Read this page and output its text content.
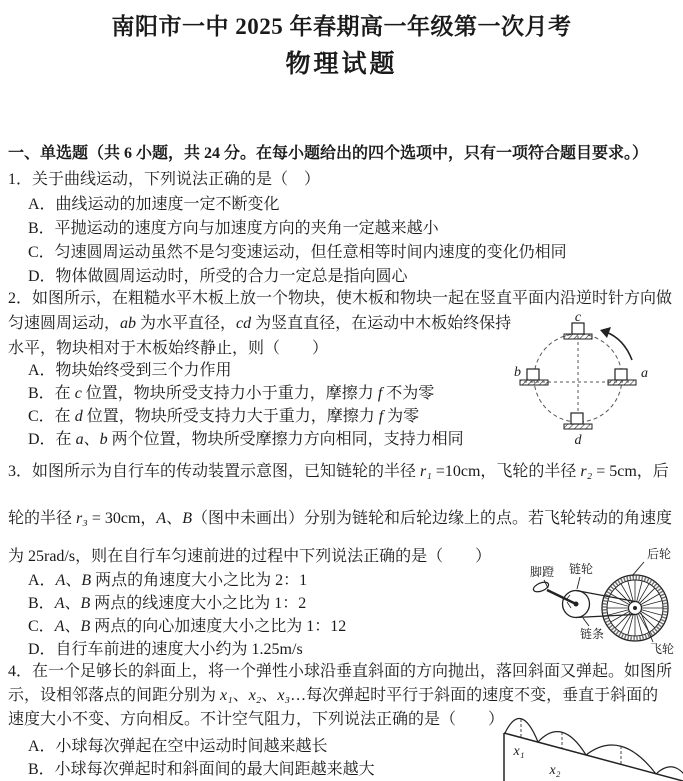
南阳市一中 2025 年春期高一年级第一次月考
物理试题
一、单选题（共 6 小题，共 24 分。在每小题给出的四个选项中，只有一项符合题目要求。）
1．关于曲线运动，下列说法正确的是（　）
A．曲线运动的加速度一定不断变化
B．平抛运动的速度方向与加速度方向的夹角一定越来越小
C．匀速圆周运动虽然不是匀变速运动，但任意相等时间内速度的变化仍相同
D．物体做圆周运动时，所受的合力一定总是指向圆心
2．如图所示，在粗糙水平木板上放一个物块，使木板和物块一起在竖直平面内沿逆时针方向做
匀速圆周运动，ab 为水平直径，cd 为竖直直径，在运动中木板始终保持
水平，物块相对于木板始终静止，则（　　）
A．物块始终受到三个力作用
B．在 c 位置，物块所受支持力小于重力，摩擦力 f 不为零
C．在 d 位置，物块所受支持力大于重力，摩擦力 f 为零
D．在 a、b 两个位置，物块所受摩擦力方向相同，支持力相同
c
a
b
d
3．如图所示为自行车的传动装置示意图，已知链轮的半径 r₁ =10cm，飞轮的半径 r₂ = 5cm，后
轮的半径 r₃ = 30cm，A、B（图中未画出）分别为链轮和后轮边缘上的点。若飞轮转动的角速度
为 25rad/s，则在自行车匀速前进的过程中下列说法正确的是（　　）
A．A、B 两点的角速度大小之比为 2：1
B．A、B 两点的线速度大小之比为 1：2
C．A、B 两点的向心加速度大小之比为 1：12
D．自行车前进的速度大小约为 1.25m/s
脚蹬 链轮
后轮
链条
飞轮
4．在一个足够长的斜面上，将一个弹性小球沿垂直斜面的方向抛出，落回斜面又弹起。如图所
示，设相邻落点的间距分别为 x₁、x₂、x₃…每次弹起时平行于斜面的速度不变，垂直于斜面的
速度大小不变、方向相反。不计空气阻力，下列说法正确的是（　　）
A．小球每次弹起在空中运动时间越来越长
B．小球每次弹起时和斜面间的最大间距越来越大
x₁
x₂
